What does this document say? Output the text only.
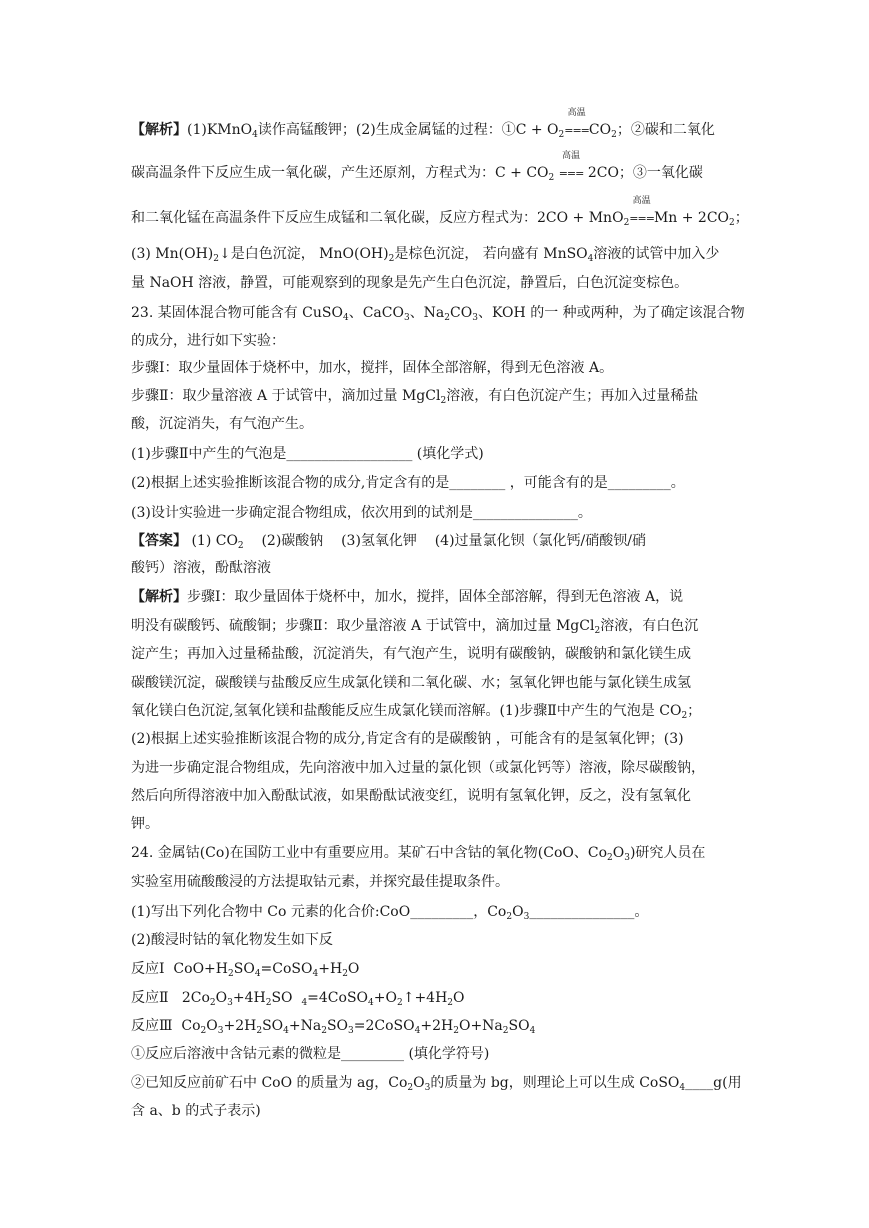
【解析】(1)KMnO$_4$读作高锰酸钾；(2)生成金属锰的过程：①C + $O_2$
高温
$===CO_2$；②碳和二氧化
碳高温条件下反应生成一氧化碳，产生还原剂，方程式为：$C + CO_2$
高温
=== 2CO；③一氧化碳
和二氧化锰在高温条件下反应生成锰和二氧化碳，反应方程式为：2CO + MnO$_2$
高温
$===Mn + 2CO_2$；
(3) $Mn(OH)_2↓$是白色沉淀， $MnO(OH)_2$是棕色沉淀， 若向盛有 MnSO$_4$溶液的试管中加入少
量 NaOH 溶液，静置，可能观察到的现象是先产生白色沉淀，静置后，白色沉淀变棕色。
23. 某固体混合物可能含有 CuSO$_4$、CaCO$_3$、$Na_2CO_3$、KOH 的一 种或两种，为了确定该混合物
的成分，进行如下实验：
步骤Ⅰ：取少量固体于烧杯中，加水，搅拌，固体全部溶解，得到无色溶液 A。
步骤Ⅱ：取少量溶液 A 于试管中，滴加过量 MgCl$_2$溶液，有白色沉淀产生；再加入过量稀盐
酸，沉淀消失，有气泡产生。
(1)步骤Ⅱ中产生的气泡是__________________ (填化学式)
(2)根据上述实验推断该混合物的成分,肯定含有的是________ ，可能含有的是_________。
(3)设计实验进一步确定混合物组成，依次用到的试剂是_______________。
【答案】 (1) $CO_2$    (2)碳酸钠    (3)氢氧化钾    (4)过量氯化钡（氯化钙/硝酸钡/硝
酸钙）溶液，酚酞溶液
【解析】步骤Ⅰ：取少量固体于烧杯中，加水，搅拌，固体全部溶解，得到无色溶液 A，说
明没有碳酸钙、硫酸铜；步骤Ⅱ：取少量溶液 A 于试管中，滴加过量 MgCl$_2$溶液，有白色沉
淀产生；再加入过量稀盐酸，沉淀消失，有气泡产生，说明有碳酸钠，碳酸钠和氯化镁生成
碳酸镁沉淀，碳酸镁与盐酸反应生成氯化镁和二氧化碳、水；氢氧化钾也能与氯化镁生成氢
氧化镁白色沉淀,氢氧化镁和盐酸能反应生成氯化镁而溶解。(1)步骤Ⅱ中产生的气泡是 $CO_2$；
(2)根据上述实验推断该混合物的成分,肯定含有的是碳酸钠 ，可能含有的是氢氧化钾；(3)
为进一步确定混合物组成，先向溶液中加入过量的氯化钡（或氯化钙等）溶液，除尽碳酸钠，
然后向所得溶液中加入酚酞试液，如果酚酞试液变红，说明有氢氧化钾，反之，没有氢氧化
钾。
24. 金属钴(Co)在国防工业中有重要应用。某矿石中含钴的氧化物(CoO、$Co_2O_3$)研究人员在
实验室用硫酸酸浸的方法提取钴元素，并探究最佳提取条件。
(1)写出下列化合物中 Co 元素的化合价:CoO_________，$Co_2O_3\_\_\_\_\_\_\_\_\_\_\_\_\_\_\_$。
(2)酸浸时钴的氧化物发生如下反
反应Ⅰ  $CoO+H_2SO_4=CoSO_4+H_2O$
反应Ⅱ   $2Co_2O_3+4H_2SO$  $_4=4CoSO_4+O_2↑+4H_2O$
反应Ⅲ  $Co_2O_3+2H_2SO_4+Na_2SO_3=2CoSO_4+2H_2O+Na_2SO_4$
①反应后溶液中含钴元素的微粒是_________ (填化学符号)
②已知反应前矿石中 CoO 的质量为 ag，$Co_2O_3$的质量为 bg，则理论上可以生成 CoSO$_4$____g(用
含 a、b 的式子表示)
